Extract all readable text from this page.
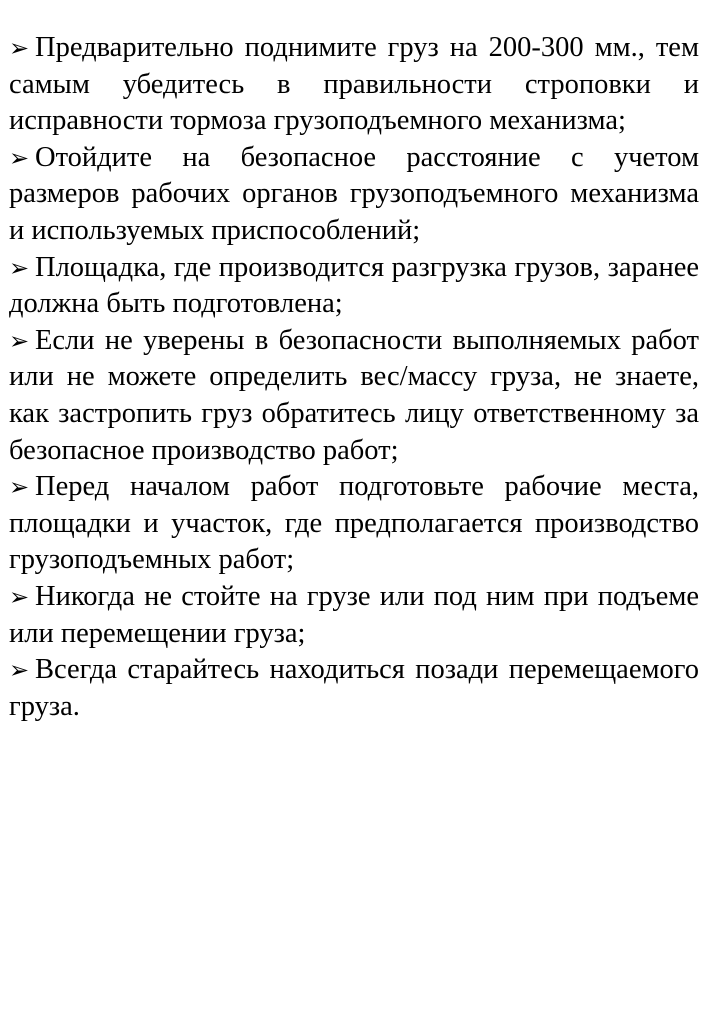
➢ Предварительно поднимите груз на 200-300 мм., тем самым убедитесь в правильности строповки и исправности тормоза грузоподъемного механизма;

➢ Отойдите на безопасное расстояние с учетом размеров рабочих органов грузоподъемного механизма и используемых приспособлений;

➢ Площадка, где производится разгрузка грузов, заранее должна быть подготовлена;

➢ Если не уверены в безопасности выполняемых работ или не можете определить вес/массу груза, не знаете, как застропить груз обратитесь лицу ответственному за безопасное производство работ;

➢ Перед началом работ подготовьте рабочие места, площадки и участок, где предполагается производство грузоподъемных работ;

➢ Никогда не стойте на грузе или под ним при подъеме или перемещении груза;

➢ Всегда старайтесь находиться позади перемещаемого груза.
